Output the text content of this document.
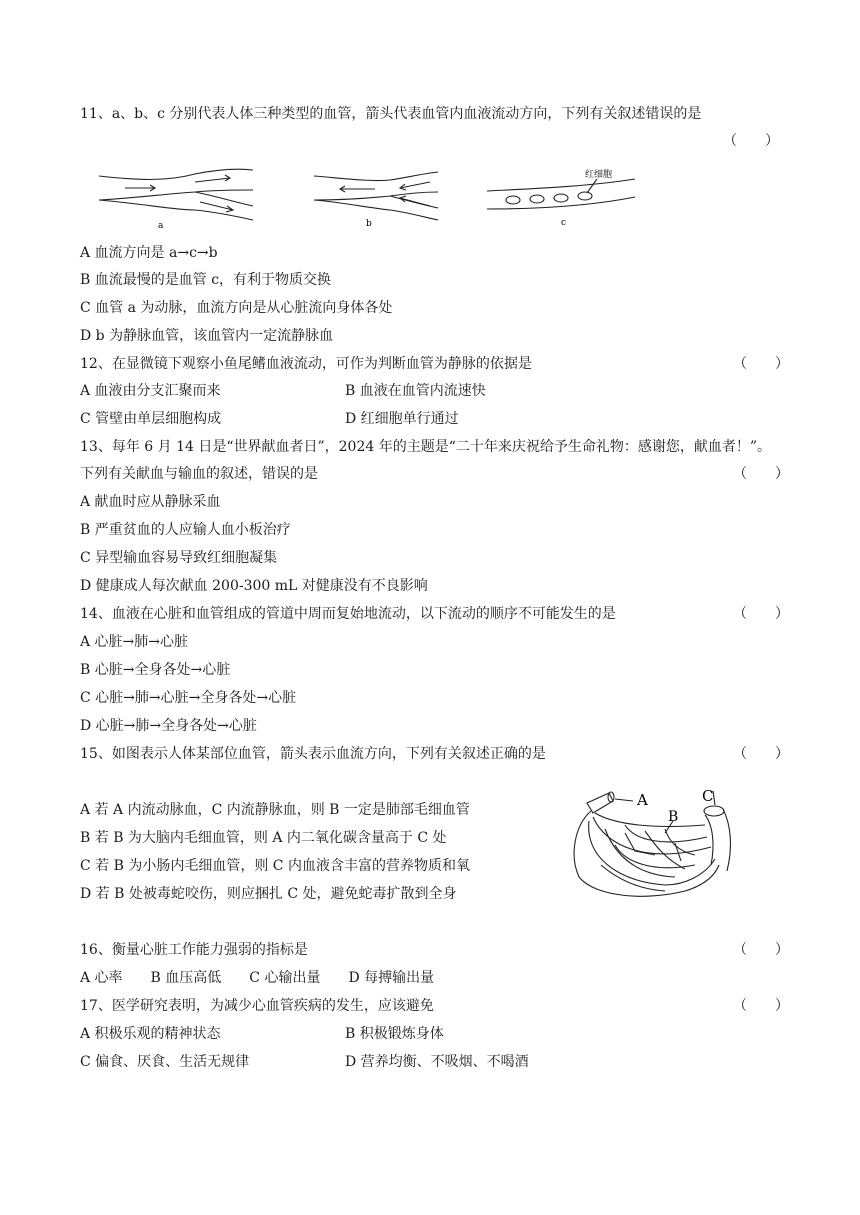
11、a、b、c 分别代表人体三种类型的血管，箭头代表血管内血液流动方向，下列有关叙述错误的是
（　　）
a	b
红细胞
c
A 血流方向是 a→c→b
B 血流最慢的是血管 c，有利于物质交换
C 血管 a 为动脉，血流方向是从心脏流向身体各处
D b 为静脉血管，该血管内一定流静脉血
12、在显微镜下观察小鱼尾鳍血液流动，可作为判断血管为静脉的依据是	（　　）
A 血液由分支汇聚而来	B 血液在血管内流速快
C 管壁由单层细胞构成	D 红细胞单行通过
13、每年 6 月 14 日是“世界献血者日”，2024 年的主题是“二十年来庆祝给予生命礼物：感谢您，献血者！”。
下列有关献血与输血的叙述，错误的是	（　　）
A 献血时应从静脉采血
B 严重贫血的人应输人血小板治疗
C 异型输血容易导致红细胞凝集
D 健康成人每次献血 200-300 mL 对健康没有不良影响
14、血液在心脏和血管组成的管道中周而复始地流动，以下流动的顺序不可能发生的是	（　　）
A 心脏→肺→心脏
B 心脏→全身各处→心脏
C 心脏→肺→心脏→全身各处→心脏
D 心脏→肺→全身各处→心脏
15、如图表示人体某部位血管，箭头表示血流方向，下列有关叙述正确的是	（　　）
A 若 A 内流动脉血，C 内流静脉血，则 B 一定是肺部毛细血管
B 若 B 为大脑内毛细血管，则 A 内二氧化碳含量高于 C 处
C 若 B 为小肠内毛细血管，则 C 内血液含丰富的营养物质和氧
D 若 B 处被毒蛇咬伤，则应捆扎 C 处，避免蛇毒扩散到全身
A
B
C
16、衡量心脏工作能力强弱的指标是	（　　）
A 心率　　B 血压高低　　C 心输出量　　D 每搏输出量
17、医学研究表明，为减少心血管疾病的发生，应该避免	（　　）
A 积极乐观的精神状态	B 积极锻炼身体
C 偏食、厌食、生活无规律	D 营养均衡、不吸烟、不喝酒
